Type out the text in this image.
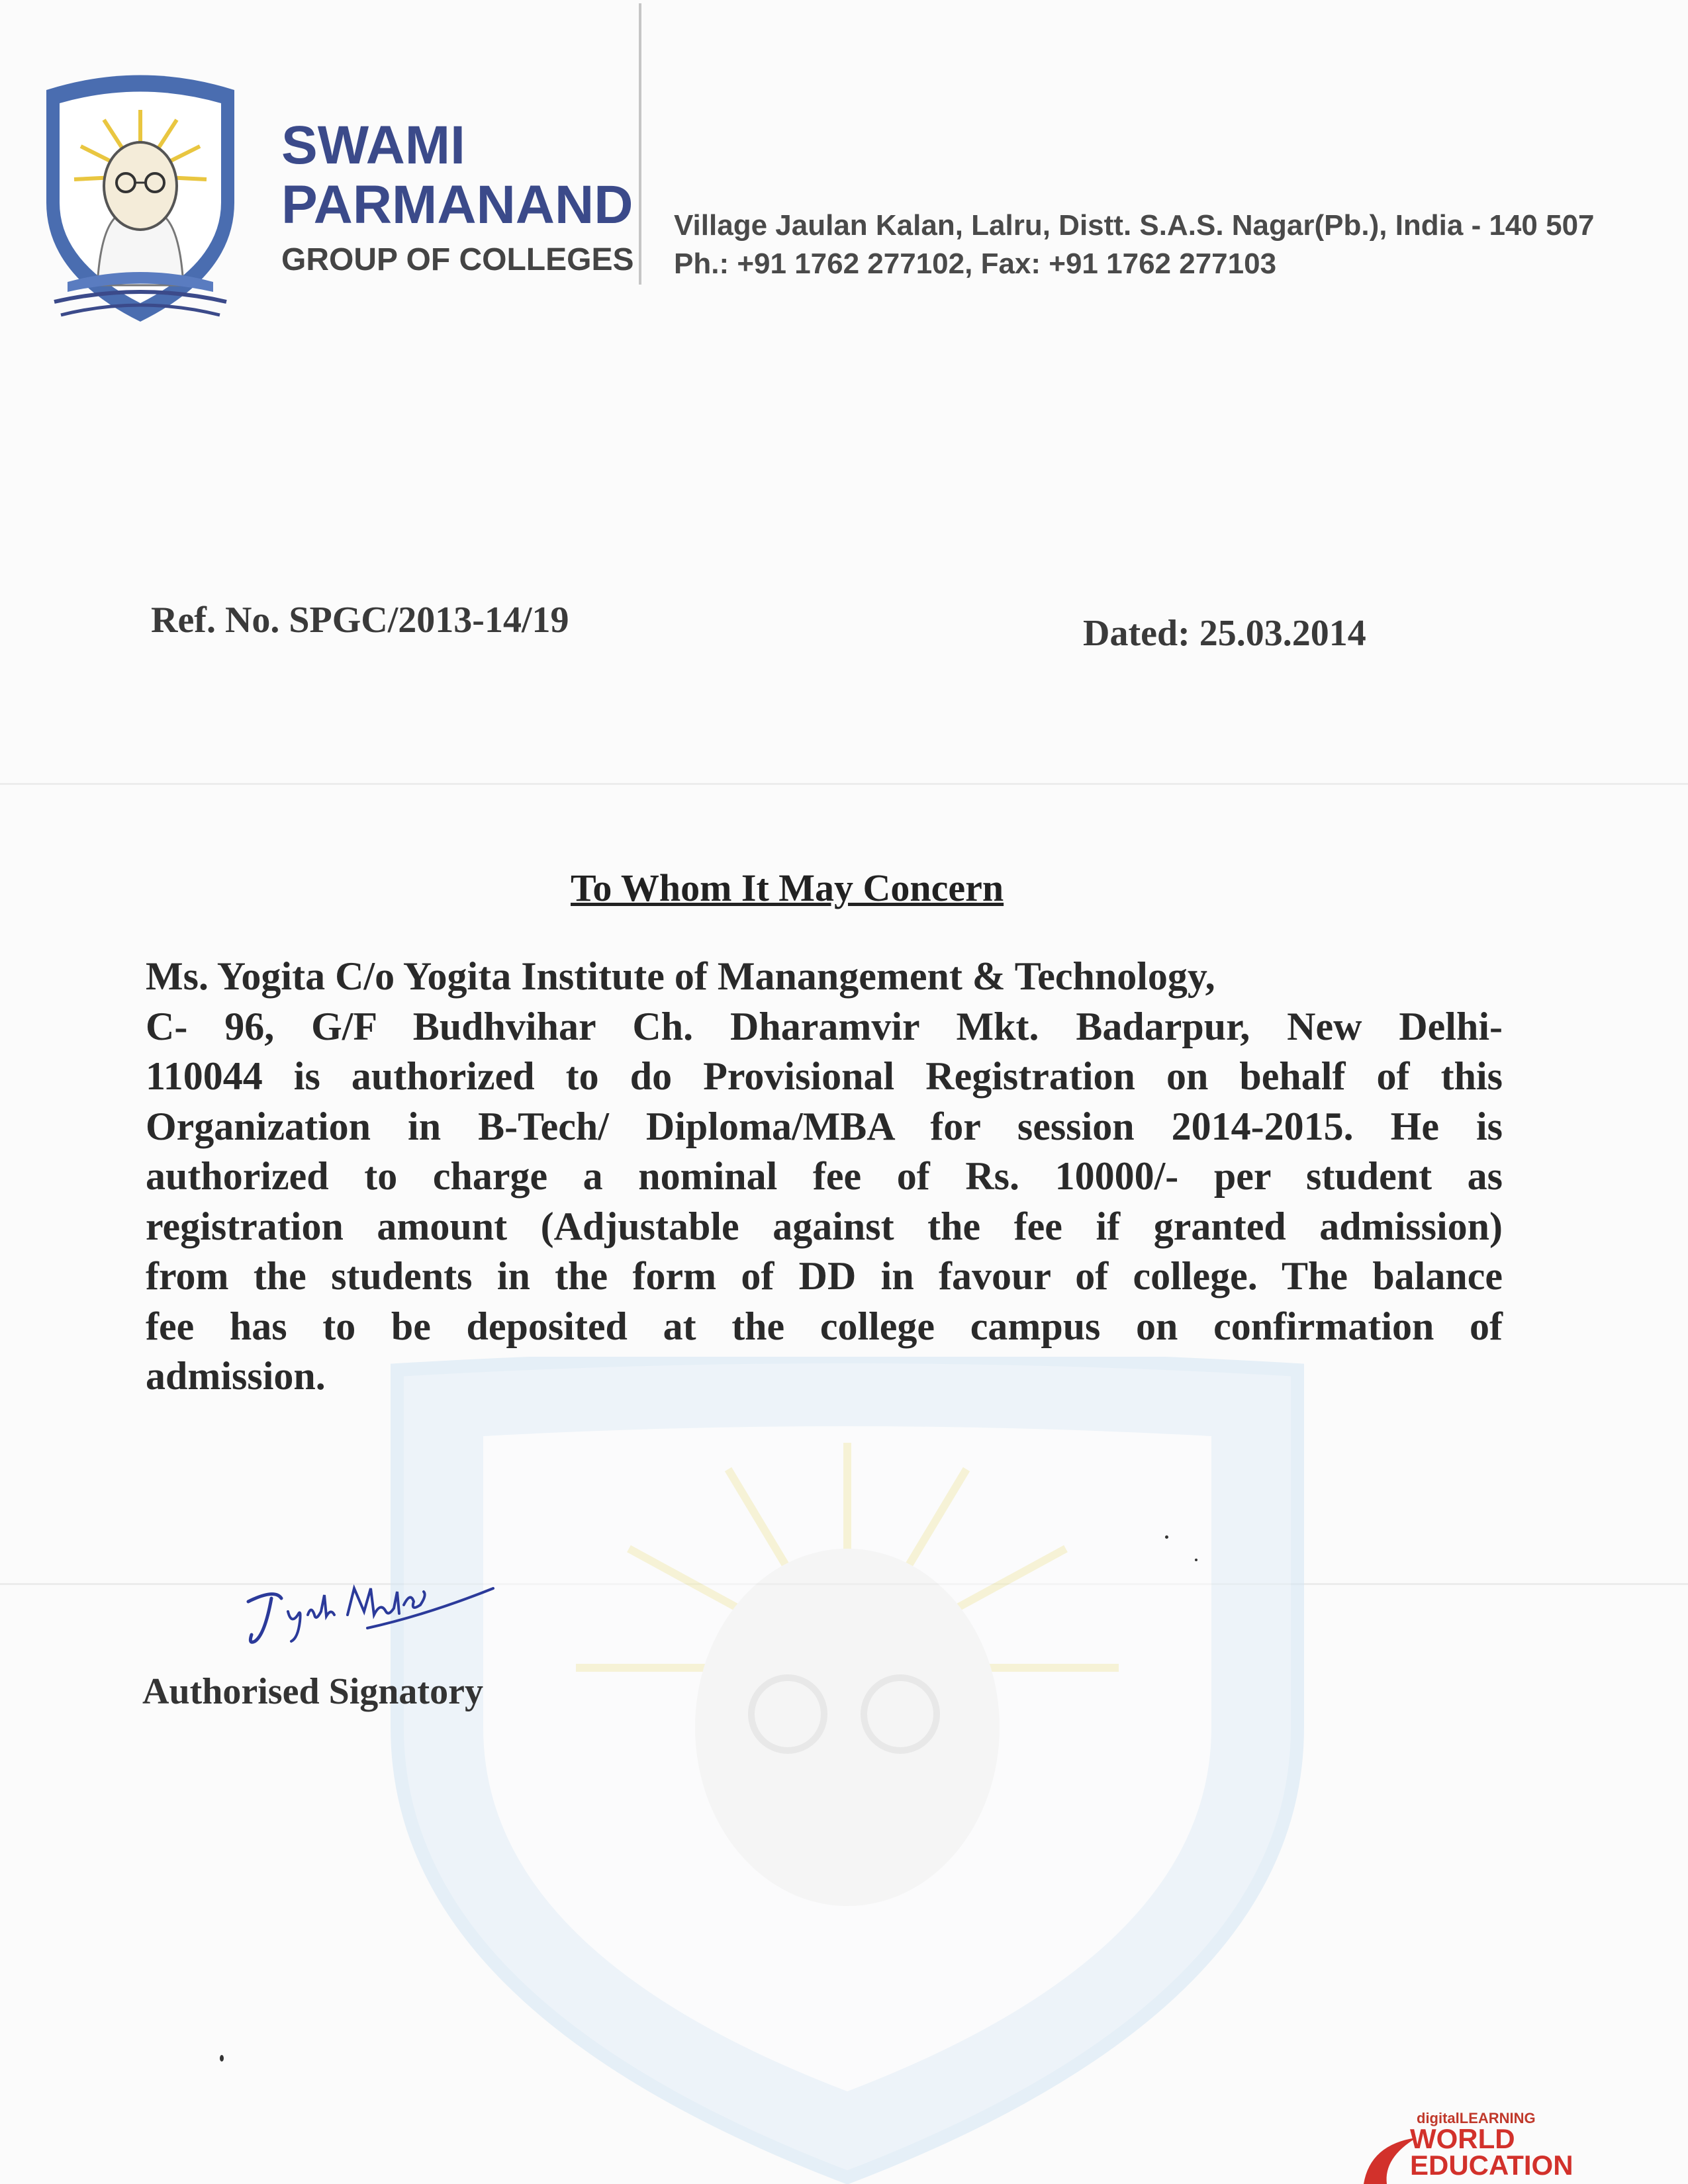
SWAMI
PARMANAND
GROUP OF COLLEGES
Village Jaulan Kalan, Lalru, Distt. S.A.S. Nagar(Pb.), India - 140 507
Ph.: +91 1762 277102, Fax: +91 1762 277103
Ref. No. SPGC/2013-14/19	Dated: 25.03.2014
To Whom It May Concern
Ms. Yogita C/o Yogita Institute of Manangement & Technology,
C- 96, G/F Budhvihar Ch. Dharamvir Mkt. Badarpur, New Delhi-
110044 is authorized to do Provisional Registration on behalf of this
Organization in B-Tech/ Diploma/MBA for session 2014-2015. He is
authorized to charge a nominal fee of Rs. 10000/- per student as
registration amount (Adjustable against the fee if granted admission)
from the students in the form of DD in favour of college. The balance
fee has to be deposited at the college campus on confirmation of
admission.
Authorised Signatory
digitalLEARNING
WORLD
EDUCATION
